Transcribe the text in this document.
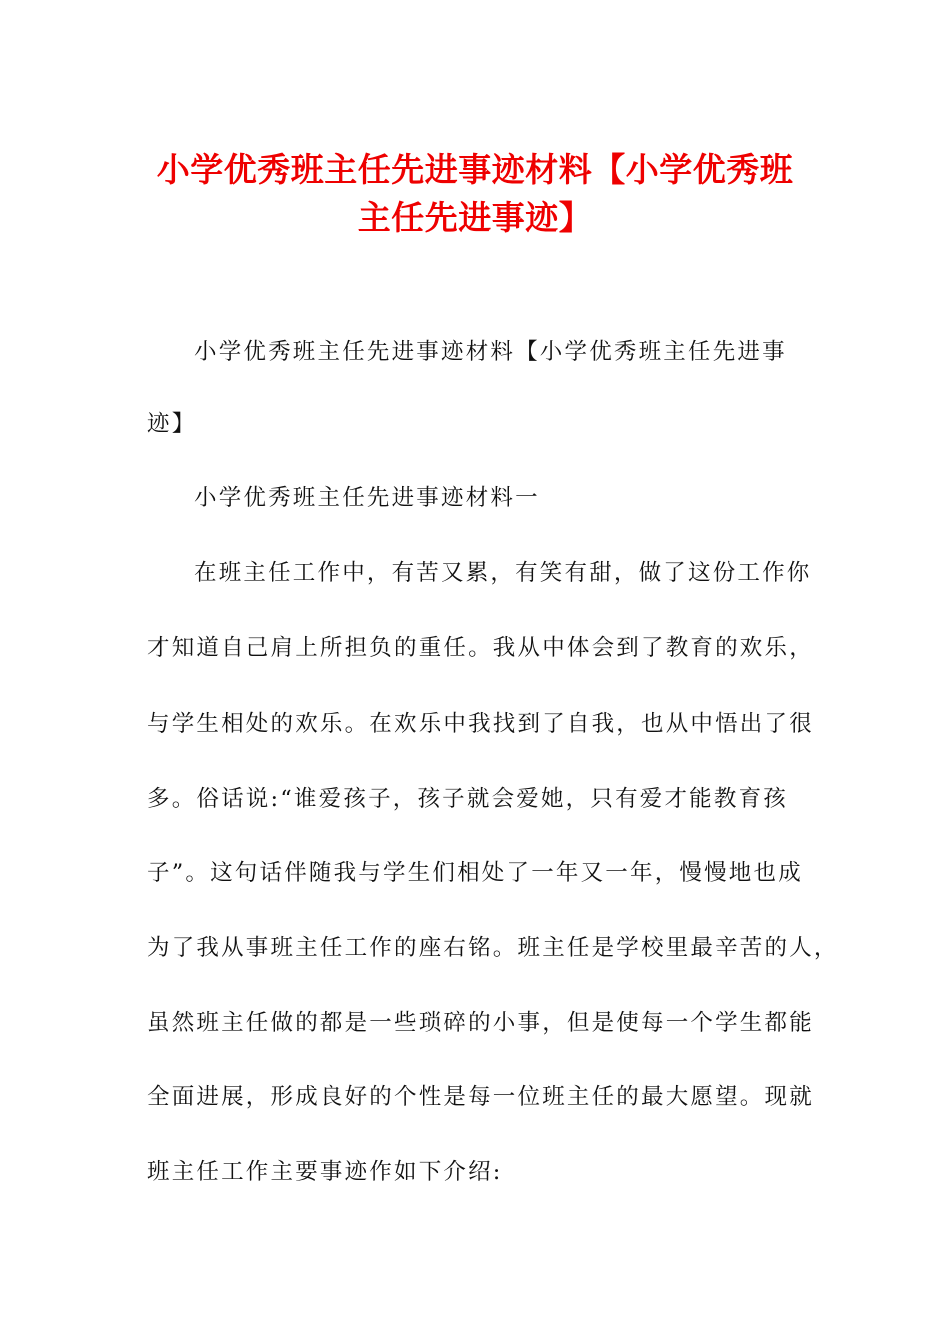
小学优秀班主任先进事迹材料【小学优秀班
主任先进事迹】
小学优秀班主任先进事迹材料【小学优秀班主任先进事
迹】
小学优秀班主任先进事迹材料一
在班主任工作中，有苦又累，有笑有甜，做了这份工作你
才知道自己肩上所担负的重任。我从中体会到了教育的欢乐，
与学生相处的欢乐。在欢乐中我找到了自我，也从中悟出了很
多。俗话说:“谁爱孩子，孩子就会爱她，只有爱才能教育孩
子”。这句话伴随我与学生们相处了一年又一年，慢慢地也成
为了我从事班主任工作的座右铭。班主任是学校里最辛苦的人，
虽然班主任做的都是一些琐碎的小事，但是使每一个学生都能
全面进展，形成良好的个性是每一位班主任的最大愿望。现就
班主任工作主要事迹作如下介绍:
